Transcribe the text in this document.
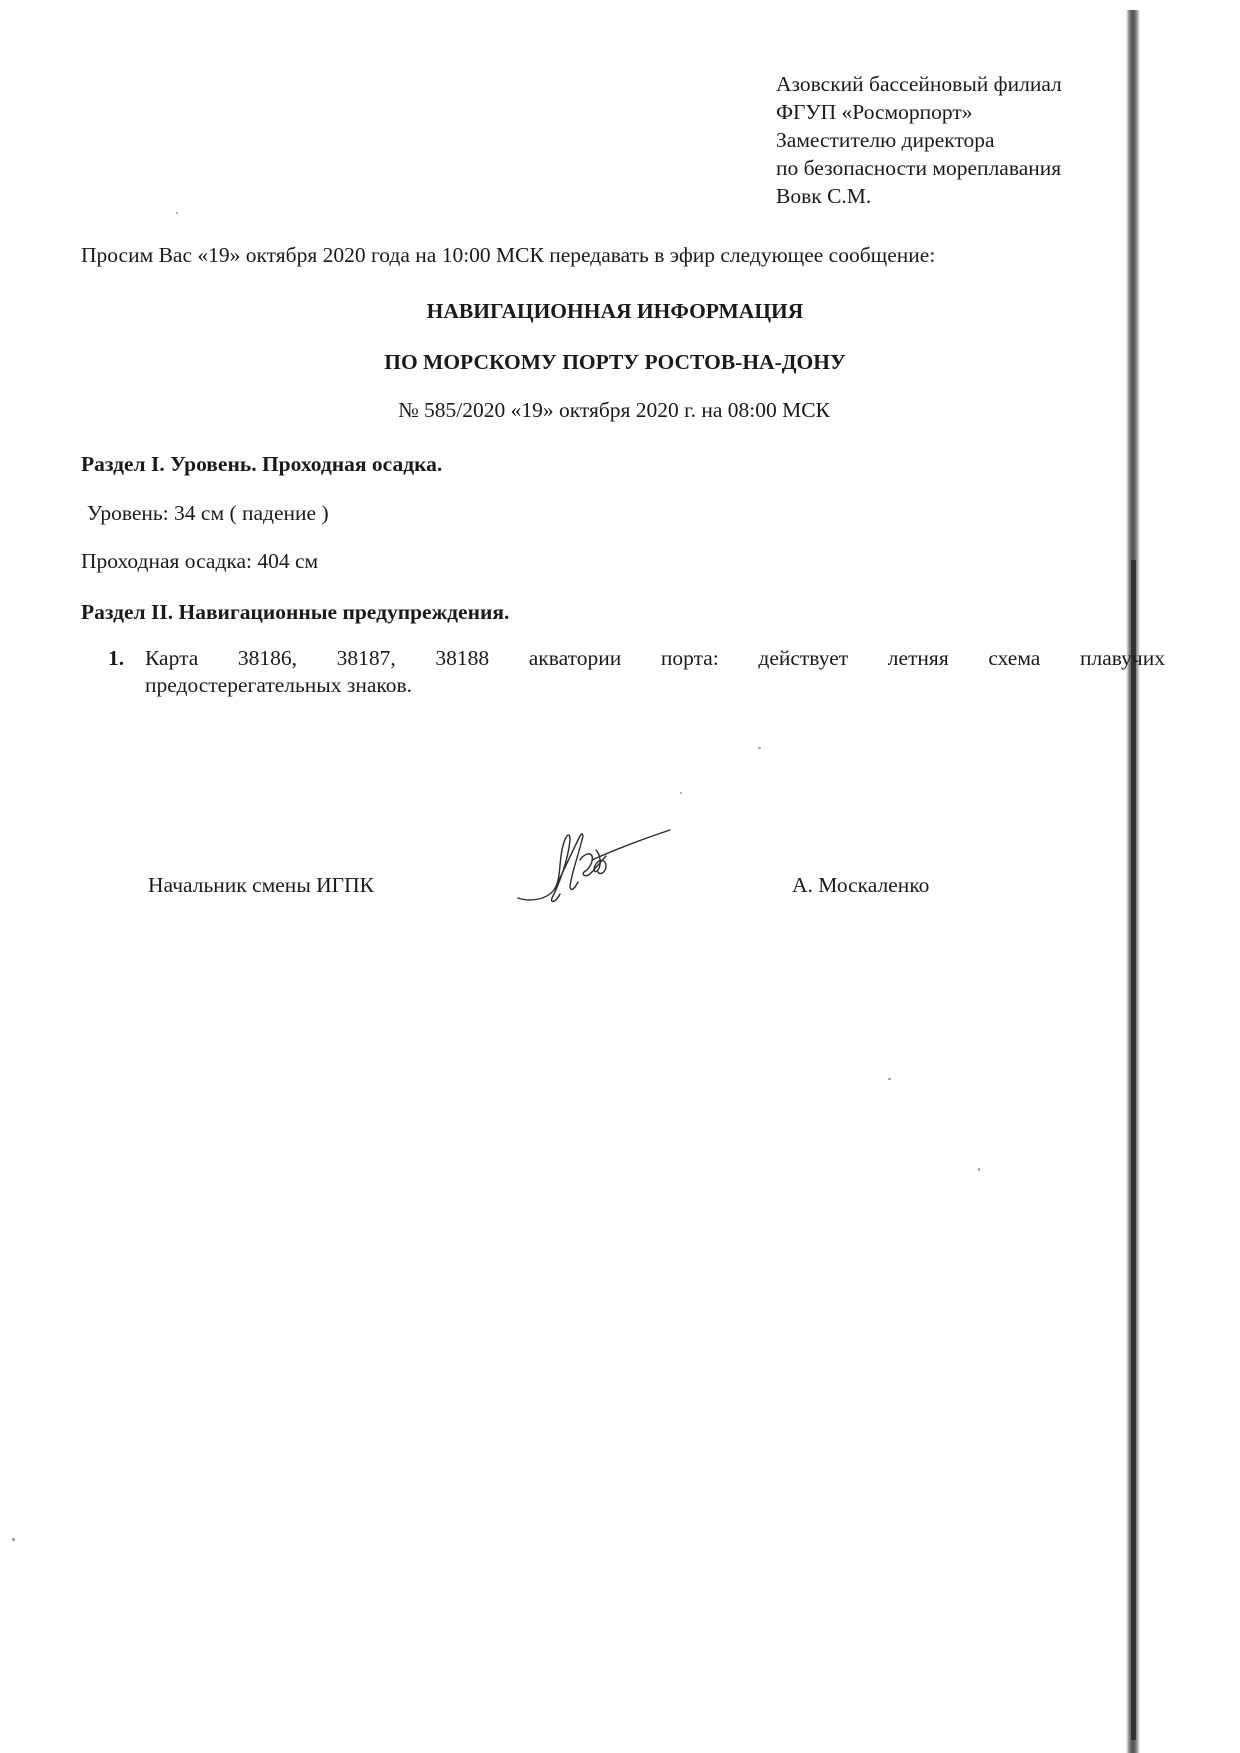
Азовский бассейновый филиал
ФГУП «Росморпорт»
Заместителю директора
по безопасности мореплавания
Вовк С.М.
Просим Вас «19» октября 2020 года на 10:00 МСК передавать в эфир следующее сообщение:
НАВИГАЦИОННАЯ ИНФОРМАЦИЯ
ПО МОРСКОМУ ПОРТУ РОСТОВ-НА-ДОНУ
№ 585/2020 «19» октября 2020 г. на 08:00 МСК
Раздел I. Уровень. Проходная осадка.
Уровень: 34 см ( падение )
Проходная осадка: 404 см
Раздел II. Навигационные предупреждения.
1. Карта 38186, 38187, 38188 акватории порта: действует летняя схема плавучих
предостерегательных знаков.
Начальник смены ИГПК	А. Москаленко
